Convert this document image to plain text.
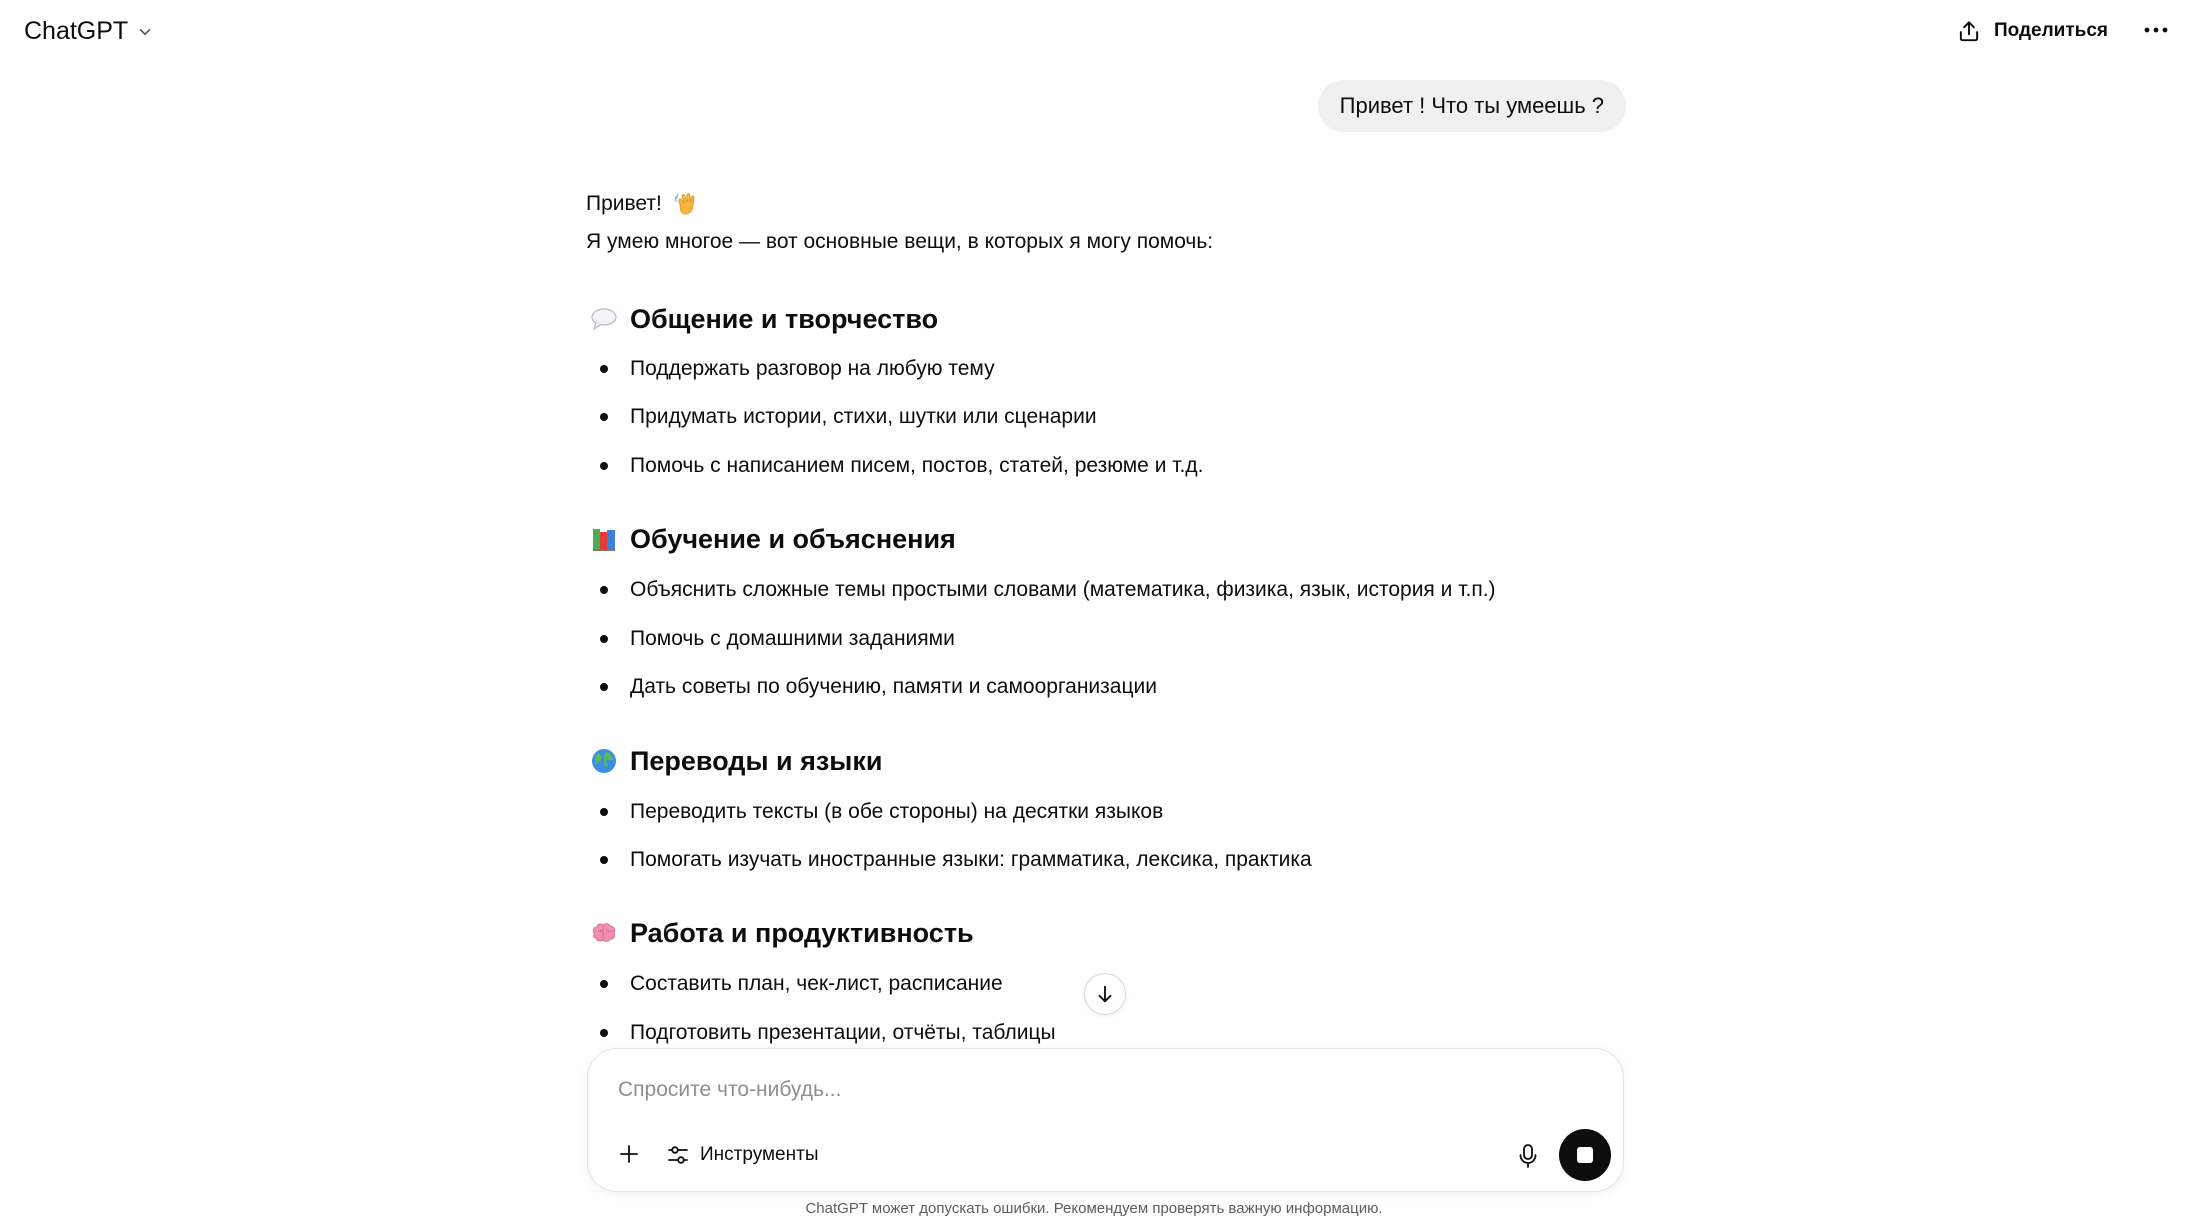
ChatGPT	Поделиться
Привет ! Что ты умеешь ?

Привет!

Я умею многое — вот основные вещи, в которых я могу помочь:

Общение и творчество
Поддержать разговор на любую тему
Придумать истории, стихи, шутки или сценарии
Помочь с написанием писем, постов, статей, резюме и т.д.
Обучение и объяснения
Объяснить сложные темы простыми словами (математика, физика, язык, история и т.п.)
Помочь с домашними заданиями
Дать советы по обучению, памяти и самоорганизации
Переводы и языки
Переводить тексты (в обе стороны) на десятки языков
Помогать изучать иностранные языки: грамматика, лексика, практика
Работа и продуктивность
Составить план, чек-лист, расписание
Подготовить презентации, отчёты, таблицы
Спросите что-нибудь...
Инструменты
ChatGPT может допускать ошибки. Рекомендуем проверять важную информацию.
